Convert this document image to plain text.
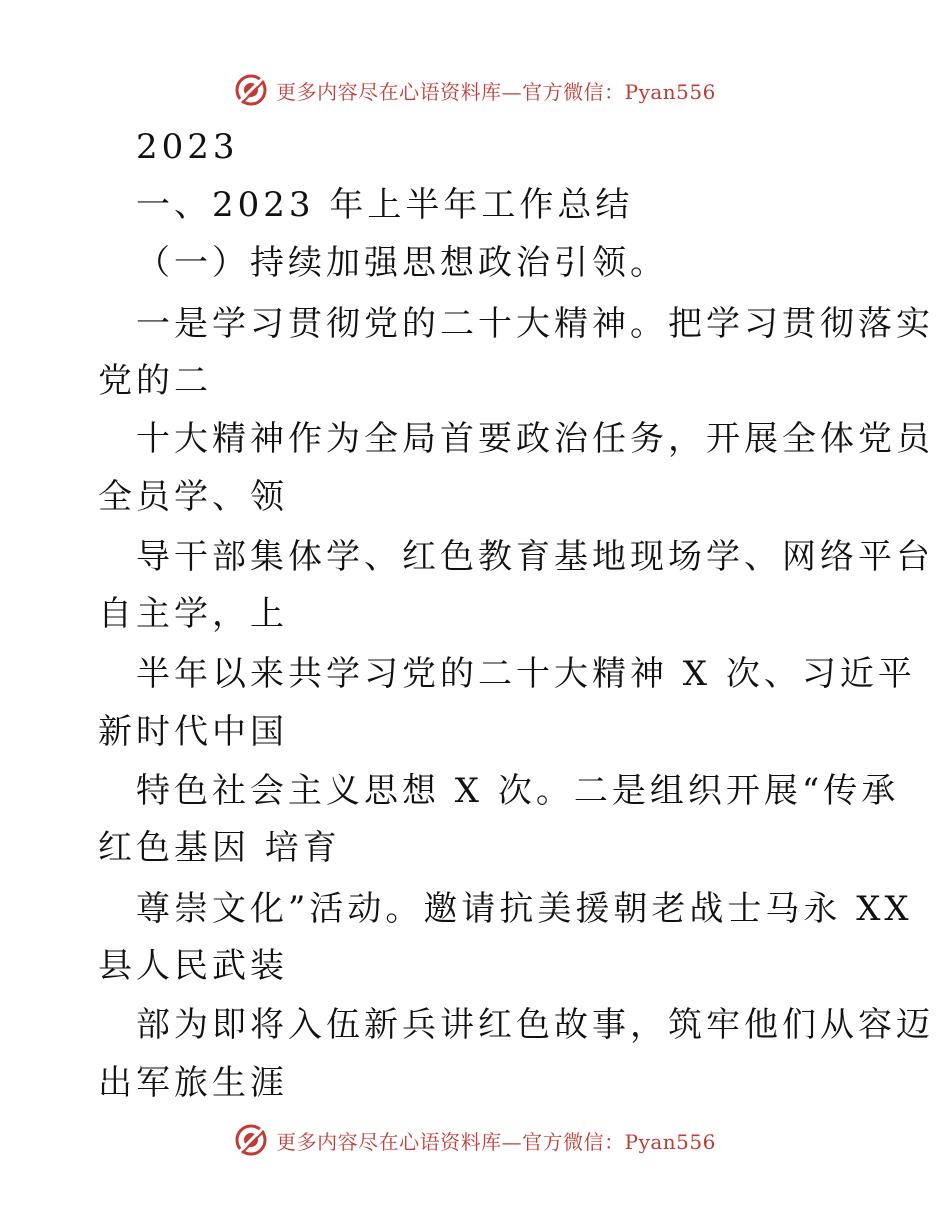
更多内容尽在心语资料库—官方微信：Pyan556
2023
一、2023 年上半年工作总结
（一）持续加强思想政治引领。
一是学习贯彻党的二十大精神。把学习贯彻落实
党的二
十大精神作为全局首要政治任务，开展全体党员
全员学、领
导干部集体学、红色教育基地现场学、网络平台
自主学，上
半年以来共学习党的二十大精神 X 次、习近平
新时代中国
特色社会主义思想 X 次。二是组织开展“传承
红色基因 培育
尊崇文化”活动。邀请抗美援朝老战士马永 XX
县人民武装
部为即将入伍新兵讲红色故事，筑牢他们从容迈
出军旅生涯
更多内容尽在心语资料库—官方微信：Pyan556
